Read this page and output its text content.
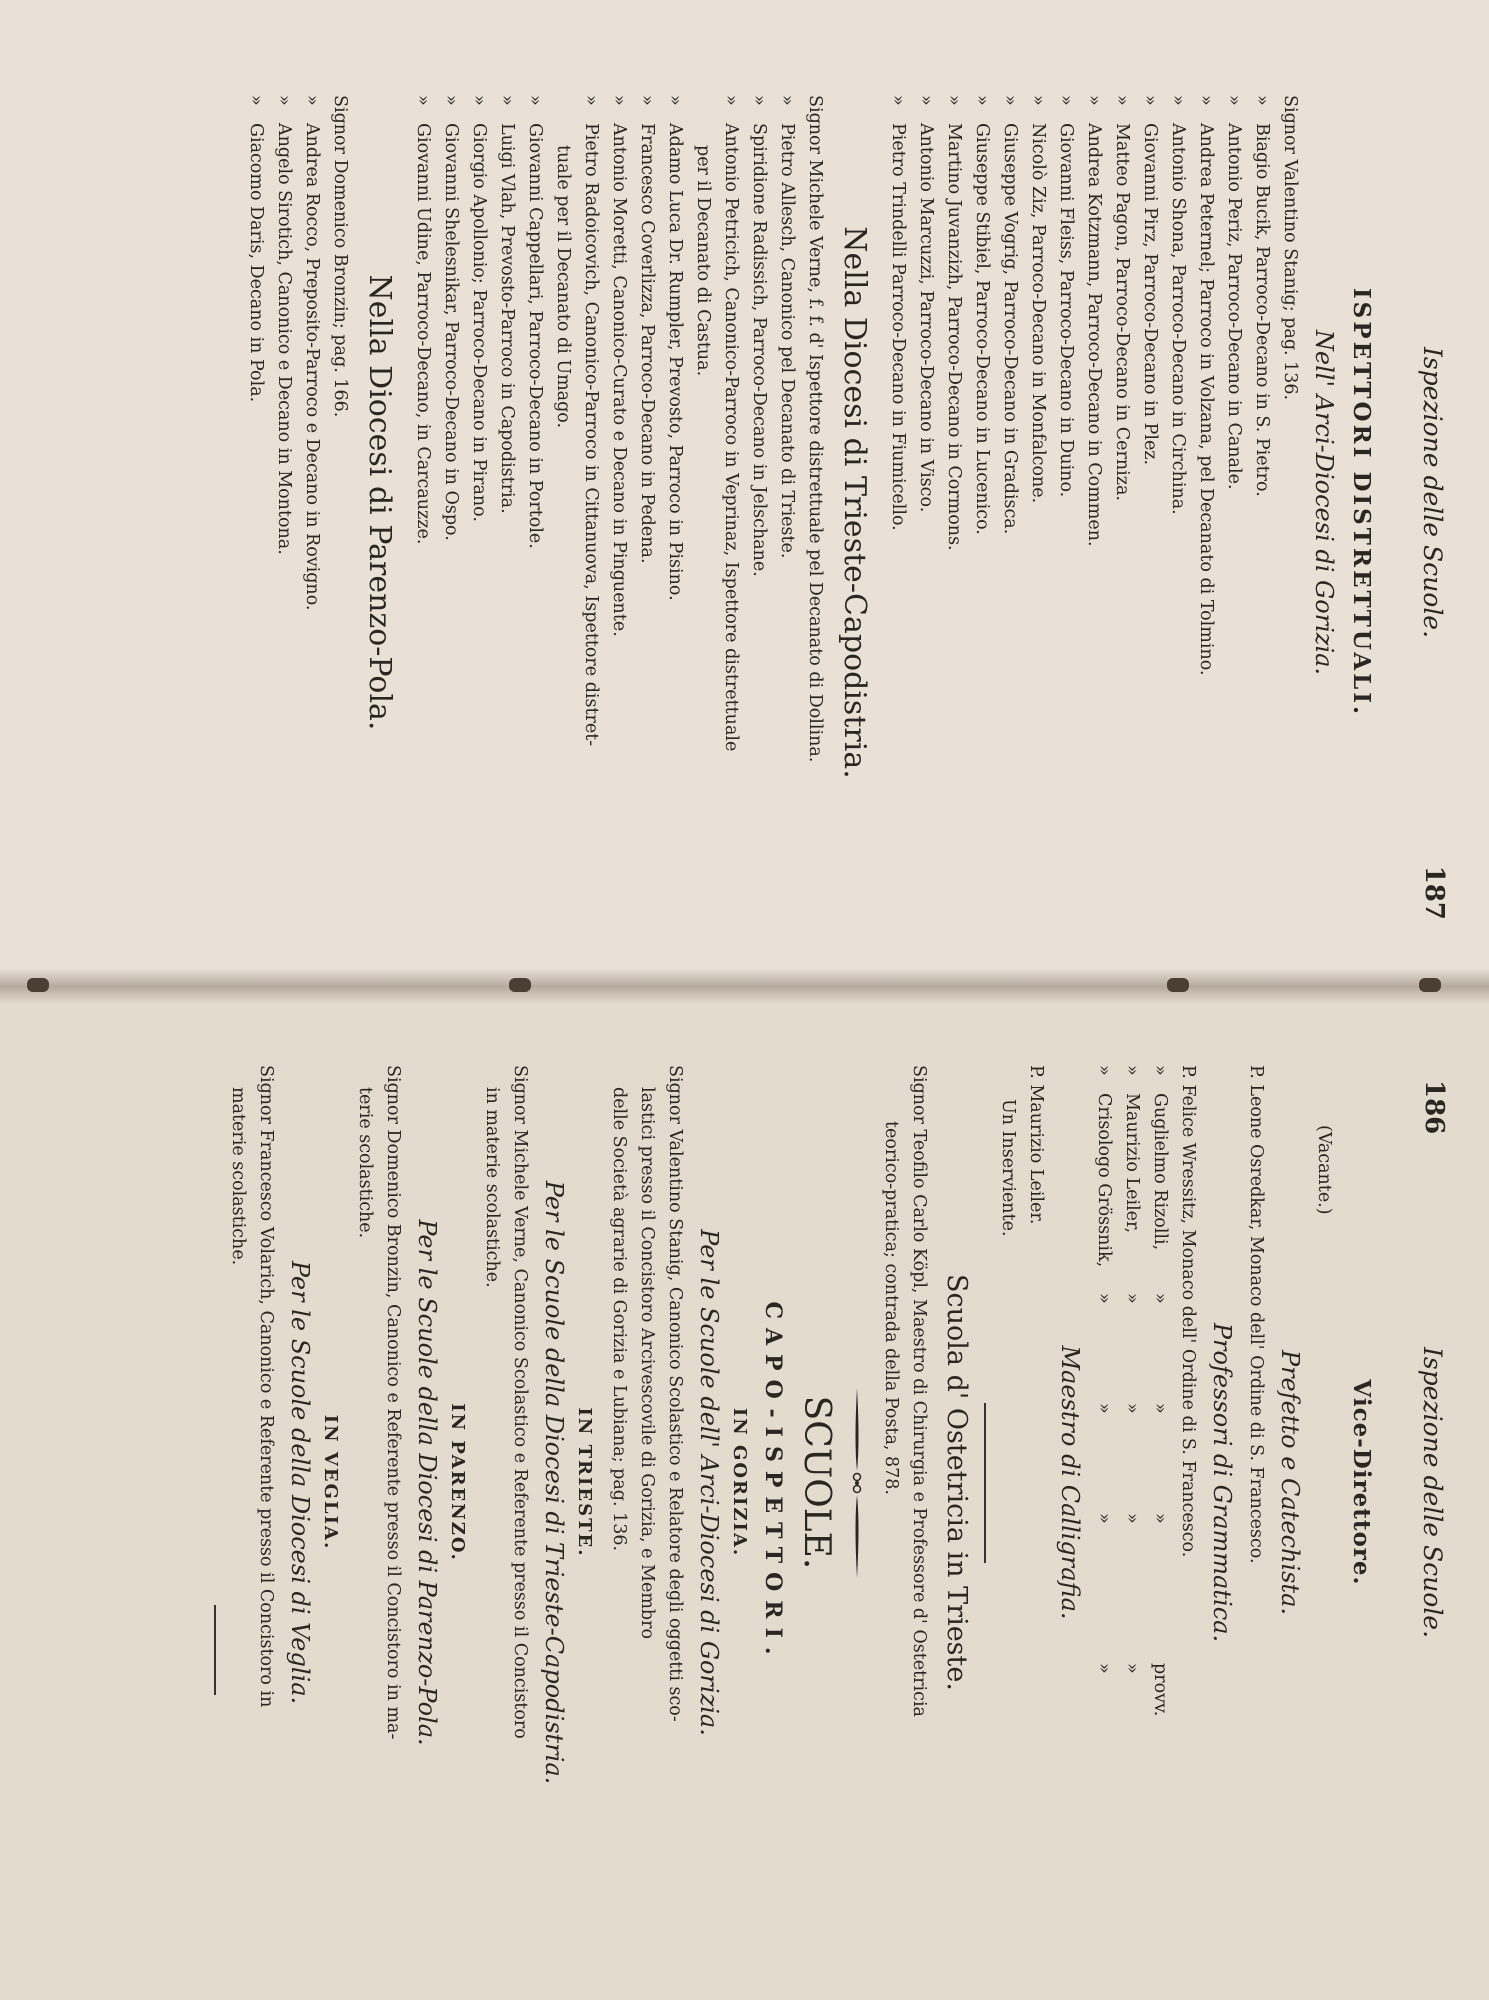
Ispezione delle Scuole.
187
ISPETTORI DISTRETTUALI.
Nell' Arci-Diocesi di Gorizia.
Signor Valentino Stanig; pag. 136.
»Biagio Bucik, Parroco-Decano in S. Pietro.
»Antonio Periz, Parroco-Decano in Canale.
»Andrea Peternel; Parroco in Volzana, pel Decanato di Tolmino.
»Antonio Shona, Parroco-Decano in Circhina.
»Giovanni Pirz, Parroco-Decano in Plez.
»Matteo Pagon, Parroco-Decano in Cerniza.
»Andrea Kotzmann, Parroco-Decano in Commen.
»Giovanni Fleiss, Parroco-Decano in Duino.
»Nicolò Ziz, Parroco-Decano in Monfalcone.
»Giuseppe Vogrig, Parroco-Decano in Gradisca.
»Giuseppe Stibiel, Parroco-Decano in Lucenico.
»Martino Juvanzizh, Parroco-Decano in Cormons.
»Antonio Marcuzzi, Parroco-Decano in Visco.
»Pietro Trindelli Parroco-Decano in Fiumicello.
Nella Diocesi di Trieste-Capodistria.
Signor Michele Verne, f. f. d' Ispettore distrettuale pel Decanato di Dollina.
»Pietro Allesch, Canonico pel Decanato di Trieste.
»Spiridione Radissich, Parroco-Decano in Jelschane.
»Antonio Petricich, Canonico-Parroco in Veprinaz, Ispettore distrettuale
per il Decanato di Castua.
»Adamo Luca Dr. Rumpler, Prevosto, Parroco in Pisino.
»Francesco Coverlizza, Parroco-Decano in Pedena.
»Antonio Moretti, Canonico-Curato e Decano in Pinguente.
»Pietro Radoicovich, Canonico-Parroco in Cittanuova, Ispettore distret-
tuale per il Decanato di Umago.
»Giovanni Cappellari, Parroco-Decano in Portole.
»Luigi Vlah, Prevosto-Parroco in Capodistria.
»Giorgio Apollonio; Parroco-Decano in Pirano.
»Giovanni Shelesnikar, Parroco-Decano in Ospo.
»Giovanni Udine, Parroco-Decano, in Carcauzze.
Nella Diocesi di Parenzo-Pola.
Signor Domenico Bronzin; pag. 166.
»Andrea Rocco, Preposito-Parroco e Decano in Rovigno.
»Angelo Sirotich, Canonico e Decano in Montona.
»Giacomo Daris, Decano in Pola.
186
Ispezione delle Scuole.
Vice-Direttore.
(Vacante.)
Prefetto e Catechista.
P. Leone Osredkar, Monaco dell' Ordine di S. Francesco.
Professori di Grammatica.
P. Felice Wressitz, Monaco dell' Ordine di S. Francesco.
»Guglielmo Rizolli,»»»provv.
»Maurizio Leiler,»»»»
»Crisologo Grössnik,»»»»
Maestro di Calligrafia.
P. Maurizio Leiler.
Un Inserviente.
Scuola d' Ostetricia in Trieste.
Signor Teofilo Carlo Köpl, Maestro di Chirurgia e Professore d' Ostetricia
teorico-pratica; contrada della Posta, 878.
SCUOLE.
CAPO-ISPETTORI.
IN GORIZIA.
Per le Scuole dell' Arci-Diocesi di Gorizia.
Signor Valentino Stanig, Canonico Scolastico e Relatore degli oggetti sco-
lastici presso il Concistoro Arcivescovile di Gorizia, e Membro
delle Società agrarie di Gorizia e Lubiana; pag. 136.
IN TRIESTE.
Per le Scuole della Diocesi di Trieste-Capodistria.
Signor Michele Verne, Canonico Scolastico e Referente presso il Concistoro
in materie scolastiche.
IN PARENZO.
Per le Scuole della Diocesi di Parenzo-Pola.
Signor Domenico Bronzin, Canonico e Referente presso il Concistoro in ma-
terie scolastiche.
IN VEGLIA.
Per le Scuole della Diocesi di Veglia.
Signor Francesco Volarich, Canonico e Referente presso il Concistoro in
materie scolastiche.
